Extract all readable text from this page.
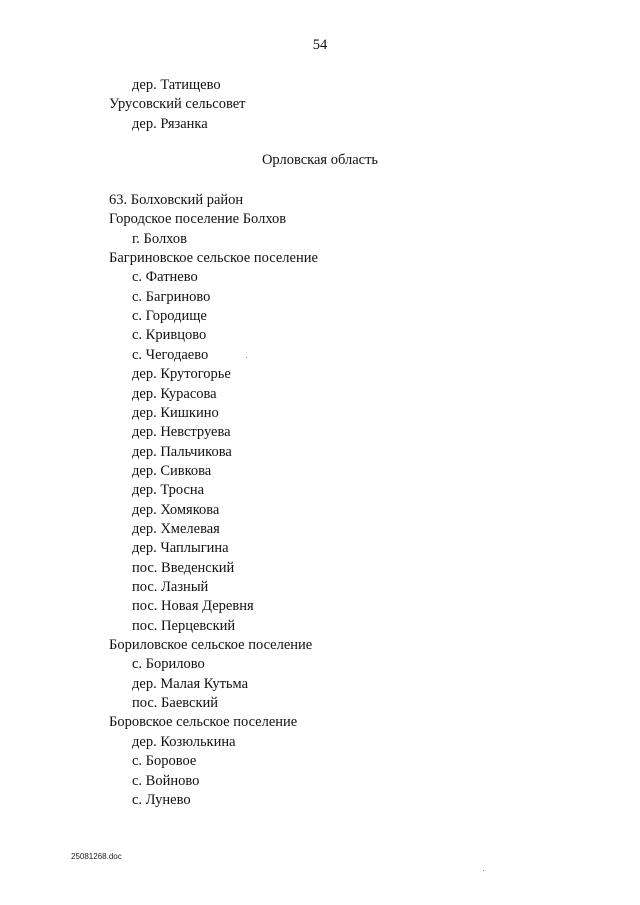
54
дер. Татищево
Урусовский сельсовет
дер. Рязанка
Орловская область
63. Болховский район
Городское поселение Болхов
г. Болхов
Багриновское сельское поселение
с. Фатнево
с. Багриново
с. Городище
с. Кривцово
с. Чегодаево
дер. Крутогорье
дер. Курасова
дер. Кишкино
дер. Невструева
дер. Пальчикова
дер. Сивкова
дер. Тросна
дер. Хомякова
дер. Хмелевая
дер. Чаплыгина
пос. Введенский
пос. Лазный
пос. Новая Деревня
пос. Перцевский
Бориловское сельское поселение
с. Борилово
дер. Малая Кутьма
пос. Баевский
Боровское сельское поселение
дер. Козюлькина
с. Боровое
с. Войново
с. Лунево
25081268.doc
